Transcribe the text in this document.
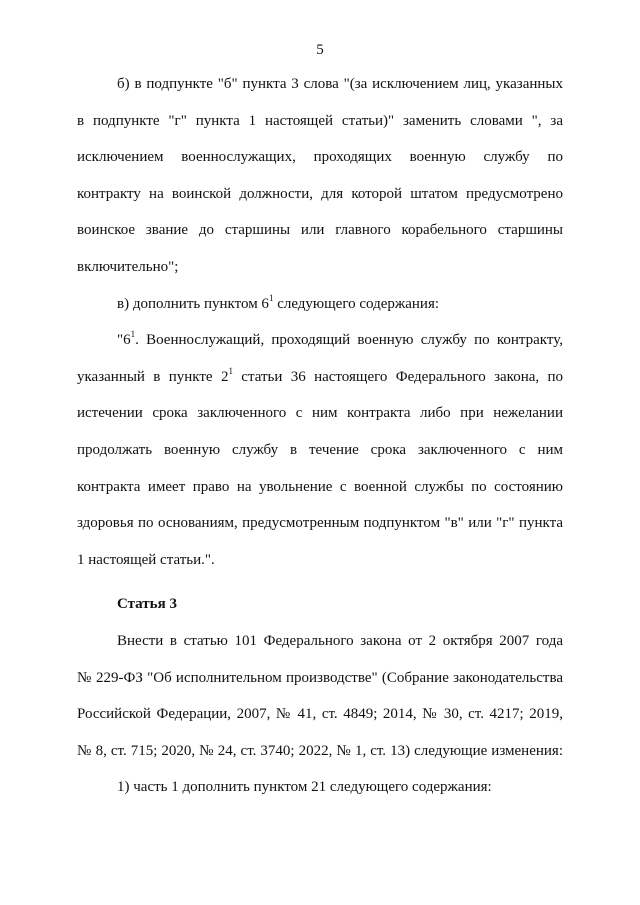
5
б) в подпункте "б" пункта 3 слова "(за исключением лиц, указанных
в подпункте "г" пункта 1 настоящей статьи)" заменить словами ", за
исключением военнослужащих, проходящих военную службу по
контракту на воинской должности, для которой штатом предусмотрено
воинское звание до старшины или главного корабельного старшины
включительно";
в) дополнить пунктом $6^1$ следующего содержания:
"$6^1$. Военнослужащий, проходящий военную службу по контракту,
указанный в пункте $2^1$ статьи 36 настоящего Федерального закона, по
истечении срока заключенного с ним контракта либо при нежелании
продолжать военную службу в течение срока заключенного с ним
контракта имеет право на увольнение с военной службы по состоянию
здоровья по основаниям, предусмотренным подпунктом "в" или "г" пункта
1 настоящей статьи.".
Статья 3
Внести в статью 101 Федерального закона от 2 октября 2007 года
№ 229-ФЗ "Об исполнительном производстве" (Собрание законодательства
Российской Федерации, 2007, № 41, ст. 4849; 2014, № 30, ст. 4217; 2019,
№ 8, ст. 715; 2020, № 24, ст. 3740; 2022, № 1, ст. 13) следующие изменения:
1) часть 1 дополнить пунктом 21 следующего содержания:
